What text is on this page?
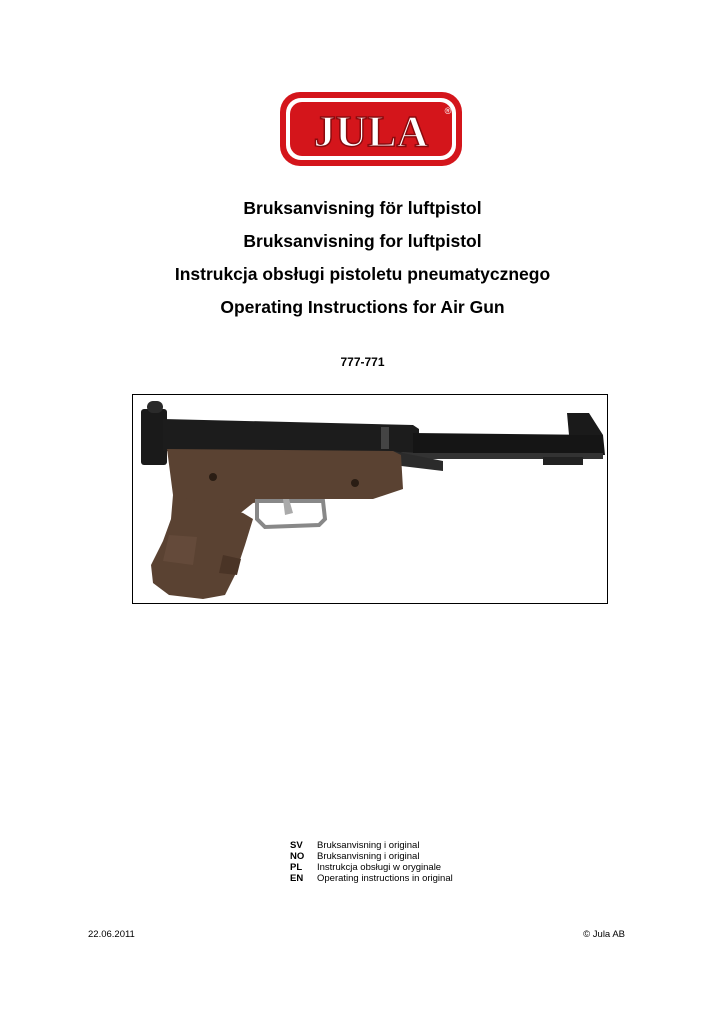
JULA ®

Bruksanvisning för luftpistol

Bruksanvisning for luftpistol

Instrukcja obsługi pistoletu pneumatycznego

Operating Instructions for Air Gun

777-771
SV	Bruksanvisning i original
NO	Bruksanvisning i original
PL	Instrukcja obsługi w oryginale
EN	Operating instructions in original
22.06.2011	© Jula AB
